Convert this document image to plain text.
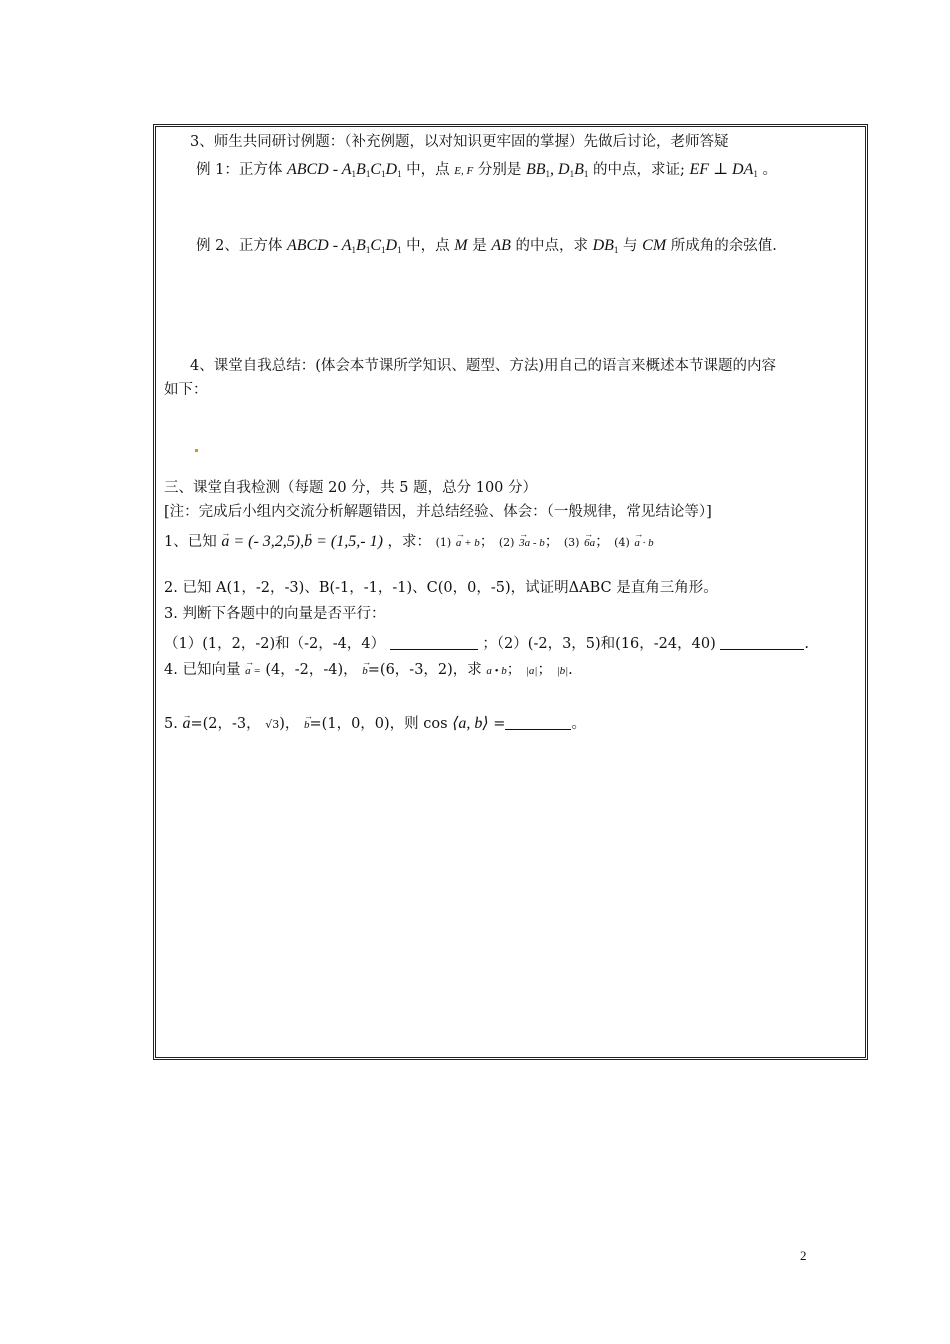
3、师生共同研讨例题：（补充例题，以对知识更牢固的掌握）先做后讨论，老师答疑
例 1：正方体 ABCD - $A_1B_1C_1D_1$ 中，点 E, F 分别是 $BB_1$, $D_1B_1$ 的中点，求证; EF ⊥ $DA_1$ 。
例 2、正方体 ABCD - $A_1B_1C_1D_1$ 中，点 M 是 AB 的中点，求 $DB_1$ 与 CM 所成角的余弦值.
4、课堂自我总结：(体会本节课所学知识、题型、方法)用自己的语言来概述本节课题的内容
如下：
三、课堂自我检测（每题 20 分，共 5 题，总分 100 分）
[注：完成后小组内交流分析解题错因，并总结经验、体会：（一般规律，常见结论等）]
1、已知 → a = (- 3,2,5),→ b = (1,5,- 1) ，求： (1) → a + b； (2) → 3a - b； (3) → 6a； (4) → a · b
2. 已知 A(1，-2，-3)、B(-1，-1，-1)、C(0，0，-5)，试证明ΔABC 是直角三角形。
3. 判断下各题中的向量是否平行：
（1）(1，2，-2)和（-2，-4，4）	；（2）(-2，3，5)和(16，-24，40)	.
4. 已知向量 → a = (4，-2，-4)， → b=(6，-3，2)，求 a • b； |a|； |b|.
5. → a=(2，-3， √3)， → b=(1，0，0)，则 cos ⟨a, b⟩ =	。
2
